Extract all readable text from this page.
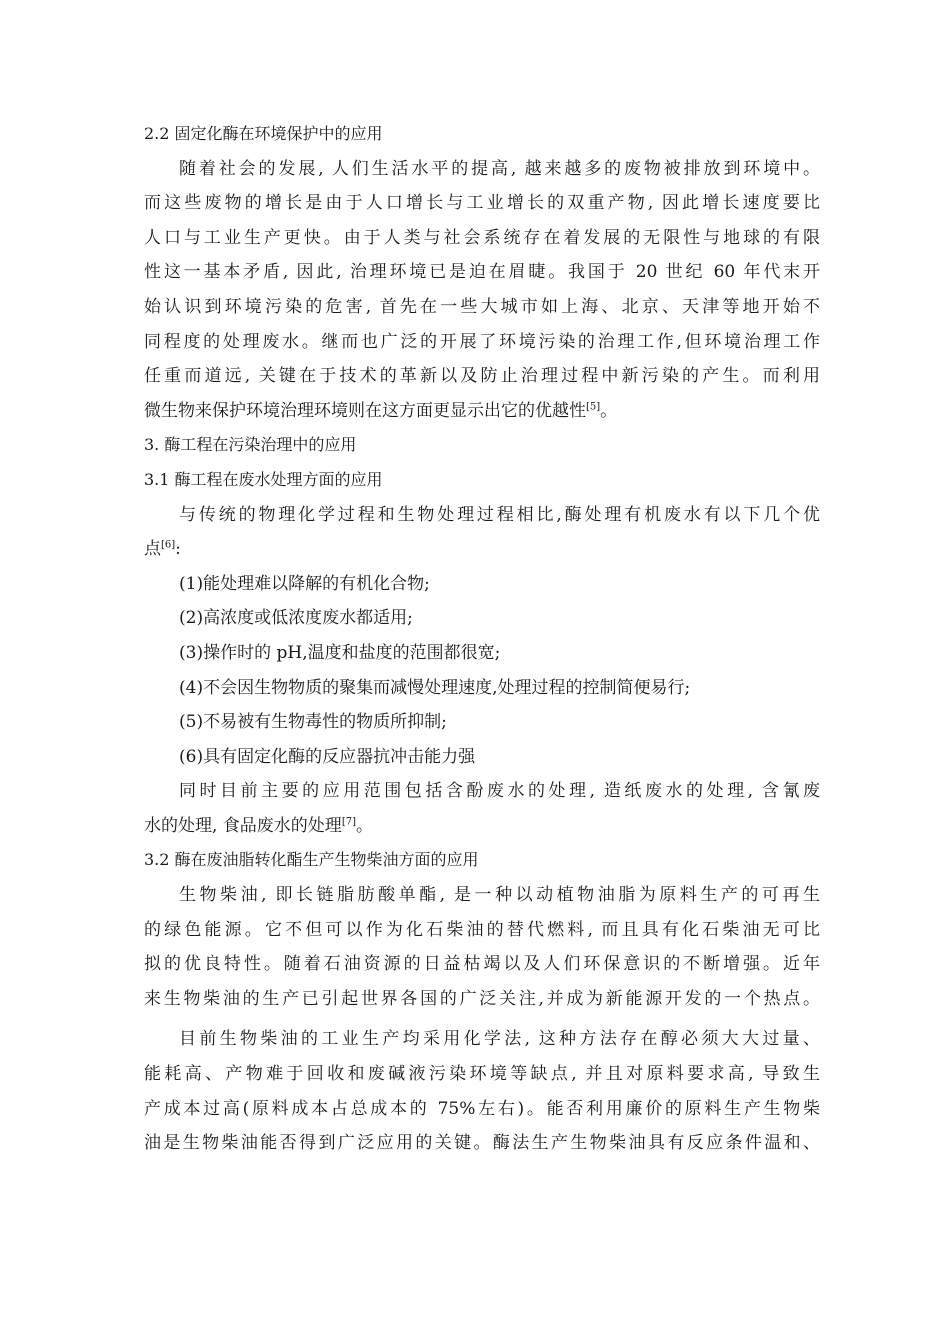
2.2 固定化酶在环境保护中的应用
随着社会的发展, 人们生活水平的提高, 越来越多的废物被排放到环境中。
而这些废物的增长是由于人口增长与工业增长的双重产物, 因此增长速度要比
人口与工业生产更快。由于人类与社会系统存在着发展的无限性与地球的有限
性这一基本矛盾, 因此, 治理环境已是迫在眉睫。我国于 20 世纪 60 年代末开
始认识到环境污染的危害, 首先在一些大城市如上海、北京、天津等地开始不
同程度的处理废水。继而也广泛的开展了环境污染的治理工作,但环境治理工作
任重而道远, 关键在于技术的革新以及防止治理过程中新污染的产生。而利用
微生物来保护环境治理环境则在这方面更显示出它的优越性[5]。
3. 酶工程在污染治理中的应用
3.1 酶工程在废水处理方面的应用
与传统的物理化学过程和生物处理过程相比,酶处理有机废水有以下几个优
点[6]:
(1)能处理难以降解的有机化合物;
(2)高浓度或低浓度废水都适用;
(3)操作时的 pH,温度和盐度的范围都很宽;
(4)不会因生物物质的聚集而减慢处理速度,处理过程的控制简便易行;
(5)不易被有生物毒性的物质所抑制;
(6)具有固定化酶的反应器抗冲击能力强
同时目前主要的应用范围包括含酚废水的处理, 造纸废水的处理, 含氰废
水的处理, 食品废水的处理[7]。
3.2 酶在废油脂转化酯生产生物柴油方面的应用
生物柴油, 即长链脂肪酸单酯, 是一种以动植物油脂为原料生产的可再生
的绿色能源。它不但可以作为化石柴油的替代燃料, 而且具有化石柴油无可比
拟的优良特性。随着石油资源的日益枯竭以及人们环保意识的不断增强。近年
来生物柴油的生产已引起世界各国的广泛关注,并成为新能源开发的一个热点。
目前生物柴油的工业生产均采用化学法, 这种方法存在醇必须大大过量、
能耗高、产物难于回收和废碱液污染环境等缺点, 并且对原料要求高, 导致生
产成本过高(原料成本占总成本的 75%左右)。能否利用廉价的原料生产生物柴
油是生物柴油能否得到广泛应用的关键。酶法生产生物柴油具有反应条件温和、
